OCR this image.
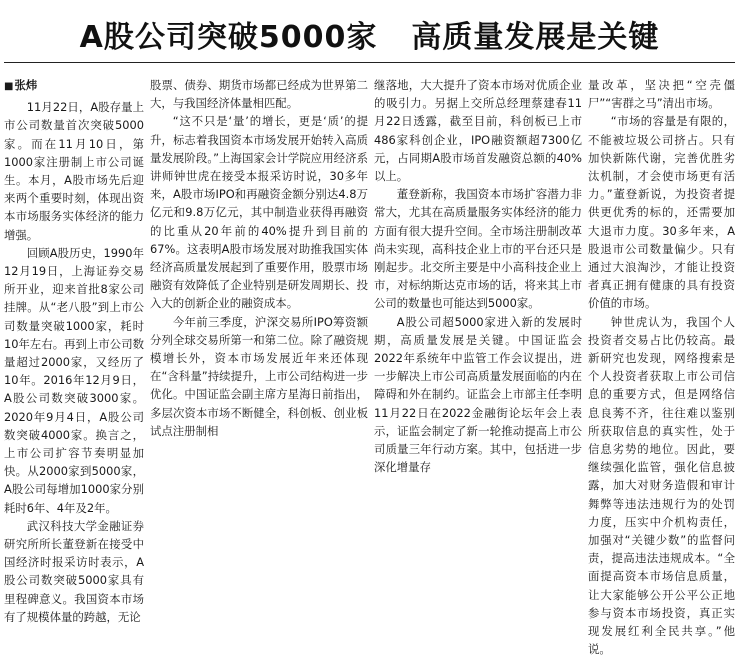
A股公司突破5000家 高质量发展是关键

■张炜

11月22日，A股存量上市公司数量首次突破5000家。而在11月10日，第1000家注册制上市公司诞生。本月，A股市场先后迎来两个重要时刻，体现出资本市场服务实体经济的能力增强。

回顾A股历史，1990年12月19日，上海证券交易所开业，迎来首批8家公司挂牌。从“老八股”到上市公司数量突破1000家，耗时10年左右。再到上市公司数量超过2000家，又经历了10年。2016年12月9日，A股公司数突破3000家。2020年9月4日，A股公司数突破4000家。换言之，上市公司扩容节奏明显加快。从2000家到5000家，A股公司每增加1000家分别耗时6年、4年及2年。

武汉科技大学金融证券研究所所长董登新在接受中国经济时报采访时表示，A股公司数突破5000家具有里程碑意义。我国资本市场有了规模体量的跨越，无论

股票、债券、期货市场都已经成为世界第二大，与我国经济体量相匹配。

“这不只是‘量’的增长，更是‘质’的提升，标志着我国资本市场发展开始转入高质量发展阶段。”上海国家会计学院应用经济系讲师钟世虎在接受本报采访时说，30多年来，A股市场IPO和再融资金额分别达4.8万亿元和9.8万亿元，其中制造业获得再融资的比重从20年前的40%提升到目前的67%。这表明A股市场发展对助推我国实体经济高质量发展起到了重要作用，股票市场融资有效降低了企业特别是研发周期长、投入大的创新企业的融资成本。

今年前三季度，沪深交易所IPO筹资额分列全球交易所第一和第二位。除了融资规模增长外，资本市场发展近年来还体现在“含科量”持续提升，上市公司结构进一步优化。中国证监会副主席方星海日前指出，多层次资本市场不断健全，科创板、创业板试点注册制相

继落地，大大提升了资本市场对优质企业的吸引力。另据上交所总经理蔡建春11月22日透露，截至目前，科创板已上市486家科创企业，IPO融资额超7300亿元，占同期A股市场首发融资总额的40%以上。

董登新称，我国资本市场扩容潜力非常大，尤其在高质量服务实体经济的能力方面有很大提升空间。全市场注册制改革尚未实现，高科技企业上市的平台还只是刚起步。北交所主要是中小高科技企业上市，对标纳斯达克市场的话，将来其上市公司的数量也可能达到5000家。

A股公司超5000家进入新的发展时期，高质量发展是关键。中国证监会2022年系统年中监管工作会议提出，进一步解决上市公司高质量发展面临的内在障碍和外在制约。证监会上市部主任李明11月22日在2022金融街论坛年会上表示，证监会制定了新一轮推动提高上市公司质量三年行动方案。其中，包括进一步深化增量存

量改革，坚决把“空壳僵尸”“害群之马”清出市场。

“市场的容量是有限的，不能被垃圾公司挤占。只有加快新陈代谢，完善优胜劣汰机制，才会使市场更有活力。”董登新说，为投资者提供更优秀的标的，还需要加大退市力度。30多年来，A股退市公司数量偏少。只有通过大浪淘沙，才能让投资者真正拥有健康的具有投资价值的市场。

钟世虎认为，我国个人投资者交易占比仍较高。最新研究也发现，网络搜索是个人投资者获取上市公司信息的重要方式，但是网络信息良莠不齐，往往难以鉴别所获取信息的真实性，处于信息劣势的地位。因此，要继续强化监管，强化信息披露，加大对财务造假和审计舞弊等违法违规行为的处罚力度，压实中介机构责任，加强对“关键少数”的监督问责，提高违法违规成本。“全面提高资本市场信息质量，让大家能够公开公平公正地参与资本市场投资，真正实现发展红利全民共享。”他说。
